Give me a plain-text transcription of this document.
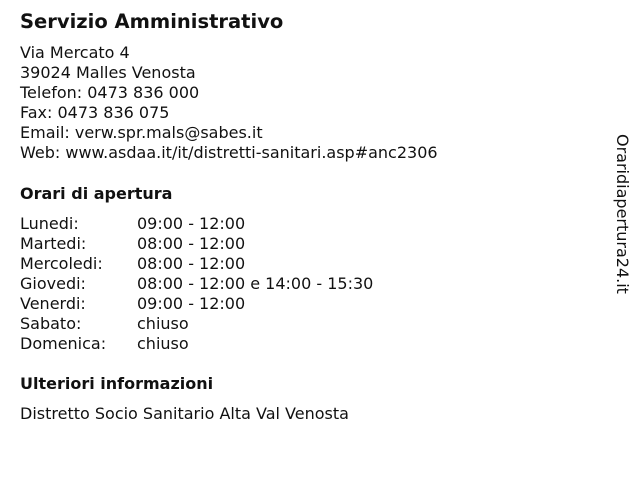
Servizio Amministrativo
Via Mercato 4
39024 Malles Venosta
Telefon: 0473 836 000
Fax: 0473 836 075
Email: verw.spr.mals@sabes.it
Web: www.asdaa.it/it/distretti-sanitari.asp#anc2306
Orari di apertura
Lunedi:	09:00 - 12:00
Martedi:	08:00 - 12:00
Mercoledi:	08:00 - 12:00
Giovedi:	08:00 - 12:00 e 14:00 - 15:30
Venerdi:	09:00 - 12:00
Sabato:	chiuso
Domenica:	chiuso
Ulteriori informazioni
Distretto Socio Sanitario Alta Val Venosta
Oraridiapertura24.it
